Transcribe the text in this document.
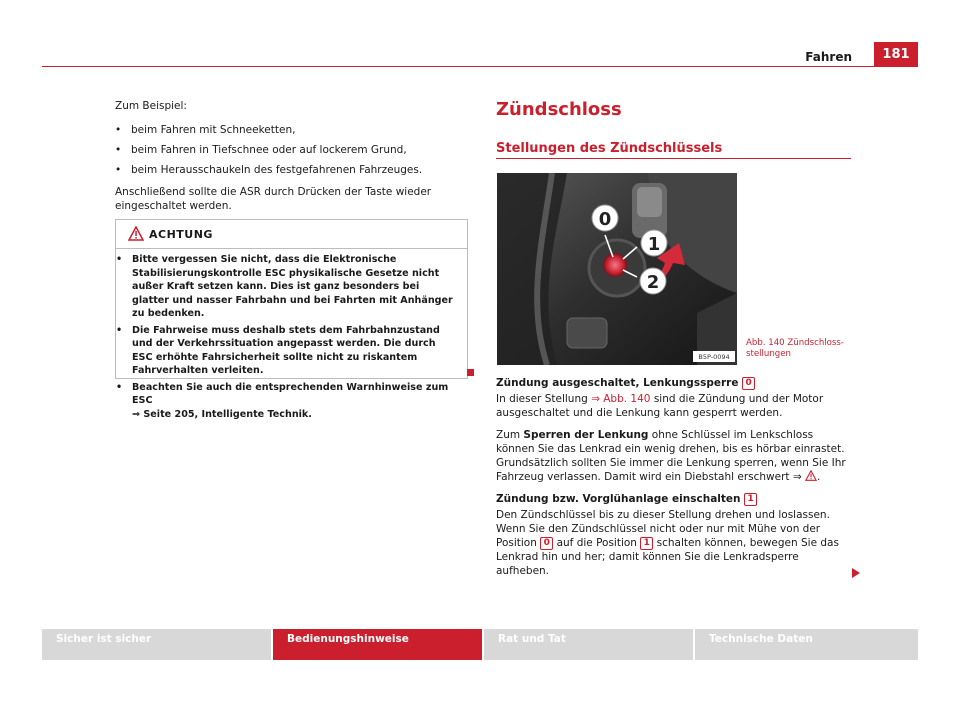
Fahren	181
Zum Beispiel:
• beim Fahren mit Schneeketten,
• beim Fahren in Tiefschnee oder auf lockerem Grund,
• beim Herausschaukeln des festgefahrenen Fahrzeuges.
Anschließend sollte die ASR durch Drücken der Taste wieder eingeschaltet werden.
ACHTUNG
• Bitte vergessen Sie nicht, dass die Elektronische Stabilisierungskontrolle ESC physikalische Gesetze nicht außer Kraft setzen kann. Dies ist ganz besonders bei glatter und nasser Fahrbahn und bei Fahrten mit Anhänger zu bedenken.
• Die Fahrweise muss deshalb stets dem Fahrbahnzustand und der Verkehrssituation angepasst werden. Die durch ESC erhöhte Fahrsicherheit sollte nicht zu riskantem Fahrverhalten verleiten.
• Beachten Sie auch die entsprechenden Warnhinweise zum ESC
⇒ Seite 205, Intelligente Technik.
Zündschloss
Stellungen des Zündschlüssels
0
1
2
B5P-0094
Abb. 140 Zündschloss-
stellungen
Zündung ausgeschaltet, Lenkungssperre 0
In dieser Stellung ⇒ Abb. 140 sind die Zündung und der Motor ausgeschaltet und die Lenkung kann gesperrt werden.
Zum Sperren der Lenkung ohne Schlüssel im Lenkschloss können Sie das Lenkrad ein wenig drehen, bis es hörbar einrastet. Grundsätzlich sollten Sie immer die Lenkung sperren, wenn Sie Ihr Fahrzeug verlassen. Damit wird ein Diebstahl erschwert ⇒ .
Zündung bzw. Vorglühanlage einschalten 1
Den Zündschlüssel bis zu dieser Stellung drehen und loslassen. Wenn Sie den Zündschlüssel nicht oder nur mit Mühe von der Position 0 auf die Position 1 schalten können, bewegen Sie das Lenkrad hin und her; damit können Sie die Lenkradsperre aufheben.
Sicher ist sicher	Bedienungshinweise	Rat und Tat	Technische Daten
